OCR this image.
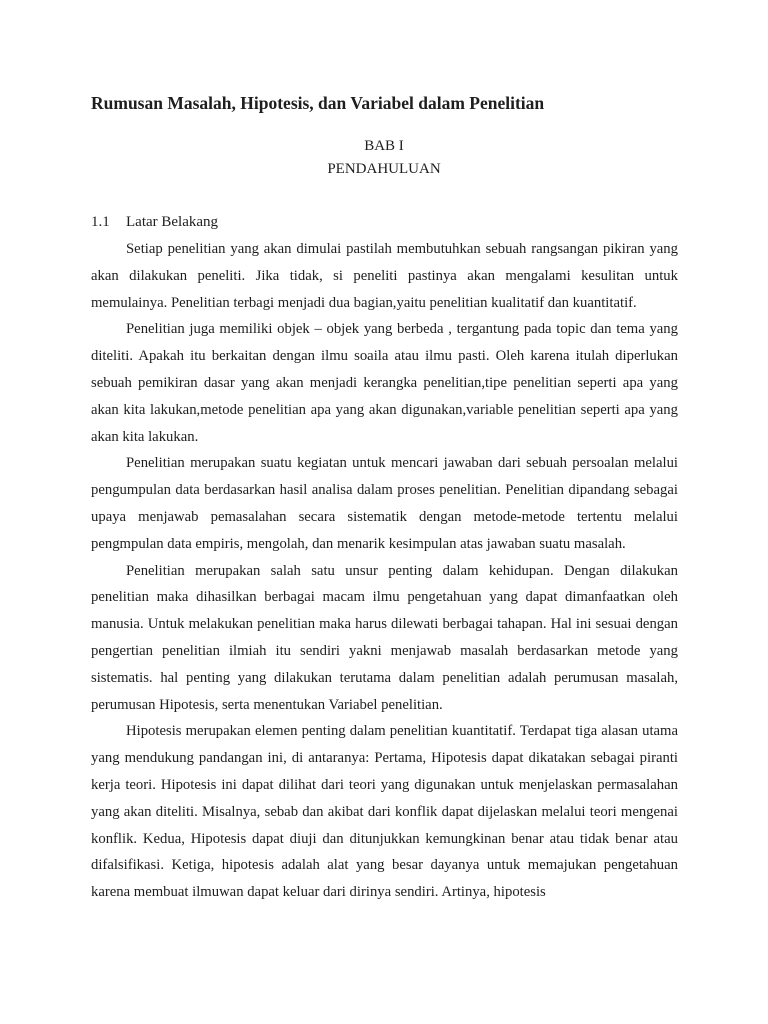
Rumusan Masalah, Hipotesis, dan Variabel dalam Penelitian

BAB I

PENDAHULUAN

1.1 Latar Belakang

Setiap penelitian yang akan dimulai pastilah membutuhkan sebuah rangsangan pikiran yang akan dilakukan peneliti. Jika tidak, si peneliti pastinya akan mengalami kesulitan untuk memulainya. Penelitian terbagi menjadi dua bagian,yaitu penelitian kualitatif dan kuantitatif.

Penelitian juga memiliki objek – objek yang berbeda , tergantung pada topic dan tema yang diteliti. Apakah itu berkaitan dengan ilmu soaila atau ilmu pasti. Oleh karena itulah diperlukan sebuah pemikiran dasar yang akan menjadi kerangka penelitian,tipe penelitian seperti apa yang akan kita lakukan,metode penelitian apa yang akan digunakan,variable penelitian seperti apa yang akan kita lakukan.

Penelitian merupakan suatu kegiatan untuk mencari jawaban dari sebuah persoalan melalui pengumpulan data berdasarkan hasil analisa dalam proses penelitian. Penelitian dipandang sebagai upaya menjawab pemasalahan secara sistematik dengan metode-metode tertentu melalui pengmpulan data empiris, mengolah, dan menarik kesimpulan atas jawaban suatu masalah.

Penelitian merupakan salah satu unsur penting dalam kehidupan. Dengan dilakukan penelitian maka dihasilkan berbagai macam ilmu pengetahuan yang dapat dimanfaatkan oleh manusia. Untuk melakukan penelitian maka harus dilewati berbagai tahapan. Hal ini sesuai dengan pengertian penelitian ilmiah itu sendiri yakni menjawab masalah berdasarkan metode yang sistematis. hal penting yang dilakukan terutama dalam penelitian adalah perumusan masalah, perumusan Hipotesis, serta menentukan Variabel penelitian.

Hipotesis merupakan elemen penting dalam penelitian kuantitatif. Terdapat tiga alasan utama yang mendukung pandangan ini, di antaranya: Pertama, Hipotesis dapat dikatakan sebagai piranti kerja teori. Hipotesis ini dapat dilihat dari teori yang digunakan untuk menjelaskan permasalahan yang akan diteliti. Misalnya, sebab dan akibat dari konflik dapat dijelaskan melalui teori mengenai konflik. Kedua, Hipotesis dapat diuji dan ditunjukkan kemungkinan benar atau tidak benar atau difalsifikasi. Ketiga, hipotesis adalah alat yang besar dayanya untuk memajukan pengetahuan karena membuat ilmuwan dapat keluar dari dirinya sendiri. Artinya, hipotesis
